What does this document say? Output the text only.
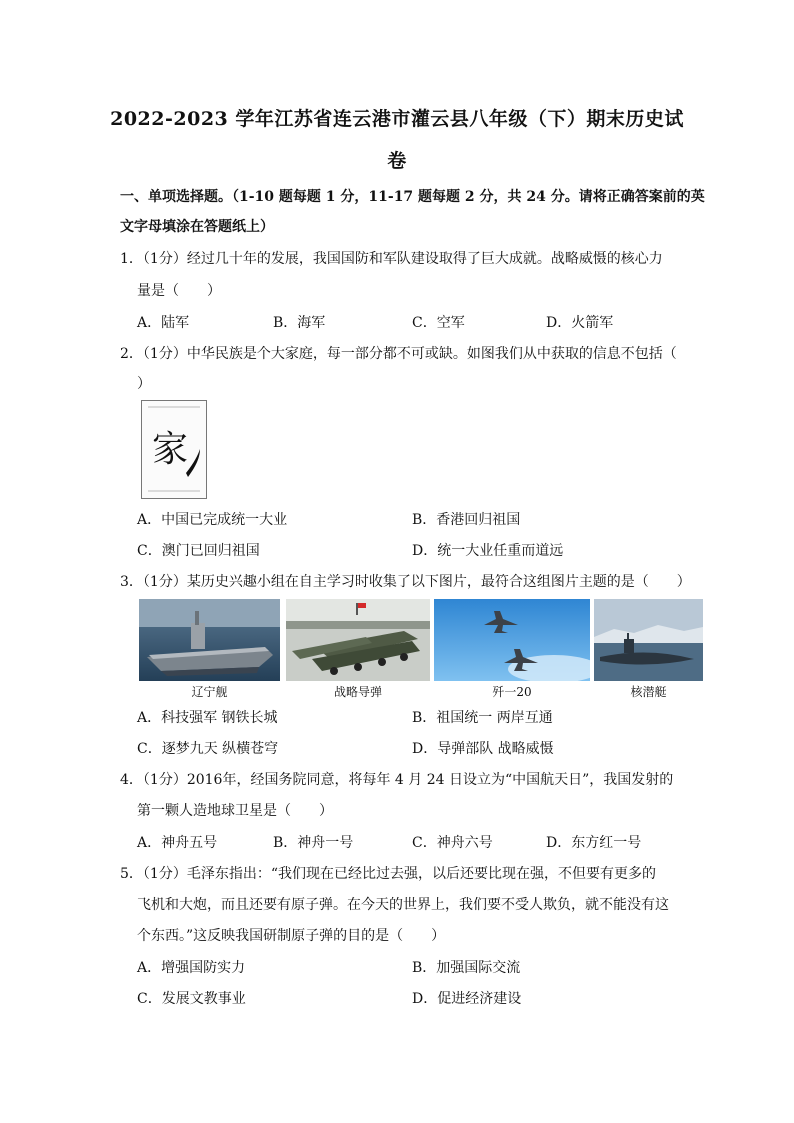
2022-2023 学年江苏省连云港市灌云县八年级（下）期末历史试
卷
一、单项选择题。（1-10 题每题 1 分，11-17 题每题 2 分，共 24 分。请将正确答案前的英
文字母填涂在答题纸上）
1．（1分）经过几十年的发展，我国国防和军队建设取得了巨大成就。战略威慑的核心力
量是（　　）
A．陆军	B．海军	C．空军	D．火箭军
2．（1分）中华民族是个大家庭，每一部分都不可或缺。如图我们从中获取的信息不包括（
）
家
A．中国已完成统一大业	B．香港回归祖国
C．澳门已回归祖国	D．统一大业任重而道远
3．（1分）某历史兴趣小组在自主学习时收集了以下图片，最符合这组图片主题的是（　　）
辽宁舰	战略导弹	歼一20	核潜艇
A．科技强军 钢铁长城	B．祖国统一 两岸互通
C．逐梦九天 纵横苍穹	D．导弹部队 战略威慑
4．（1分）2016年，经国务院同意，将每年 4 月 24 日设立为“中国航天日”，我国发射的
第一颗人造地球卫星是（　　）
A．神舟五号	B．神舟一号	C．神舟六号	D．东方红一号
5．（1分）毛泽东指出：“我们现在已经比过去强，以后还要比现在强，不但要有更多的
飞机和大炮，而且还要有原子弹。在今天的世界上，我们要不受人欺负，就不能没有这
个东西。”这反映我国研制原子弹的目的是（　　）
A．增强国防实力	B．加强国际交流
C．发展文教事业	D．促进经济建设
